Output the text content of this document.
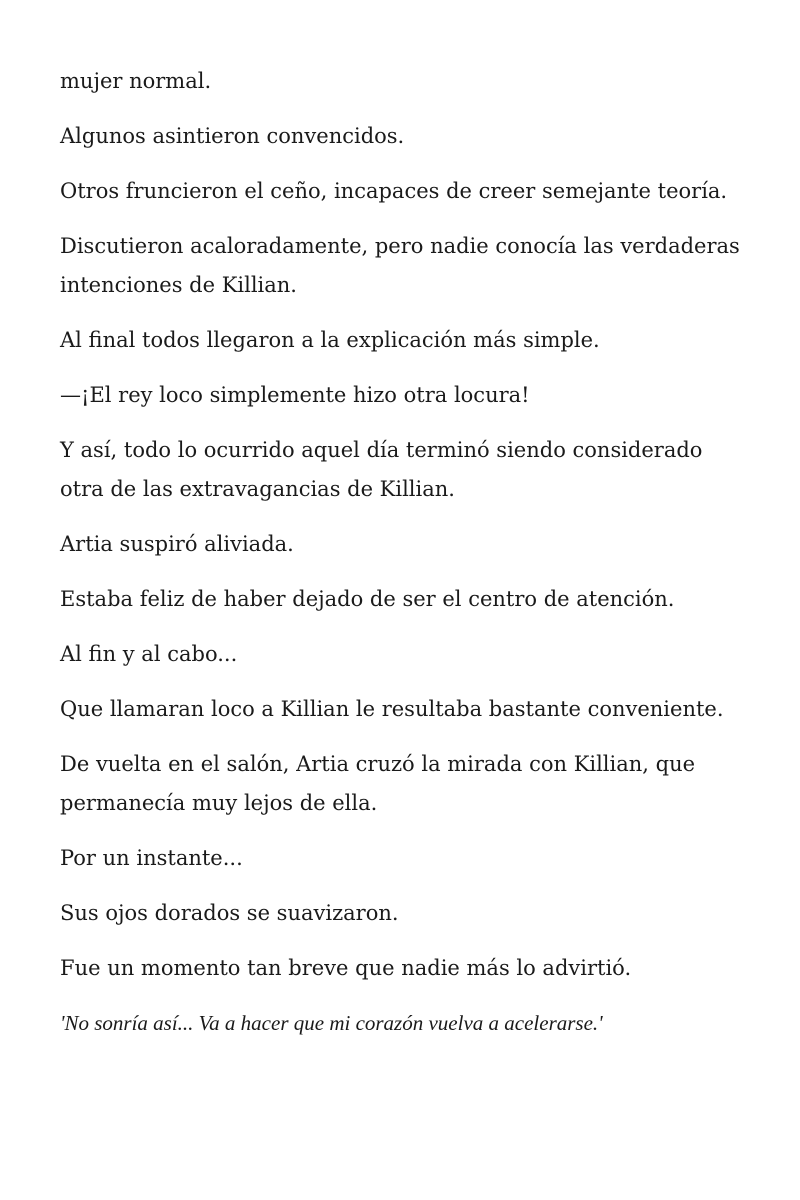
mujer normal.

Algunos asintieron convencidos.

Otros fruncieron el ceño, incapaces de creer semejante teoría.

Discutieron acaloradamente, pero nadie conocía las verdaderas intenciones de Killian.

Al final todos llegaron a la explicación más simple.

—¡El rey loco simplemente hizo otra locura!

Y así, todo lo ocurrido aquel día terminó siendo considerado otra de las extravagancias de Killian.

Artia suspiró aliviada.

Estaba feliz de haber dejado de ser el centro de atención.

Al fin y al cabo...

Que llamaran loco a Killian le resultaba bastante conveniente.

De vuelta en el salón, Artia cruzó la mirada con Killian, que permanecía muy lejos de ella.

Por un instante...

Sus ojos dorados se suavizaron.

Fue un momento tan breve que nadie más lo advirtió.

'No sonría así... Va a hacer que mi corazón vuelva a acelerarse.'
